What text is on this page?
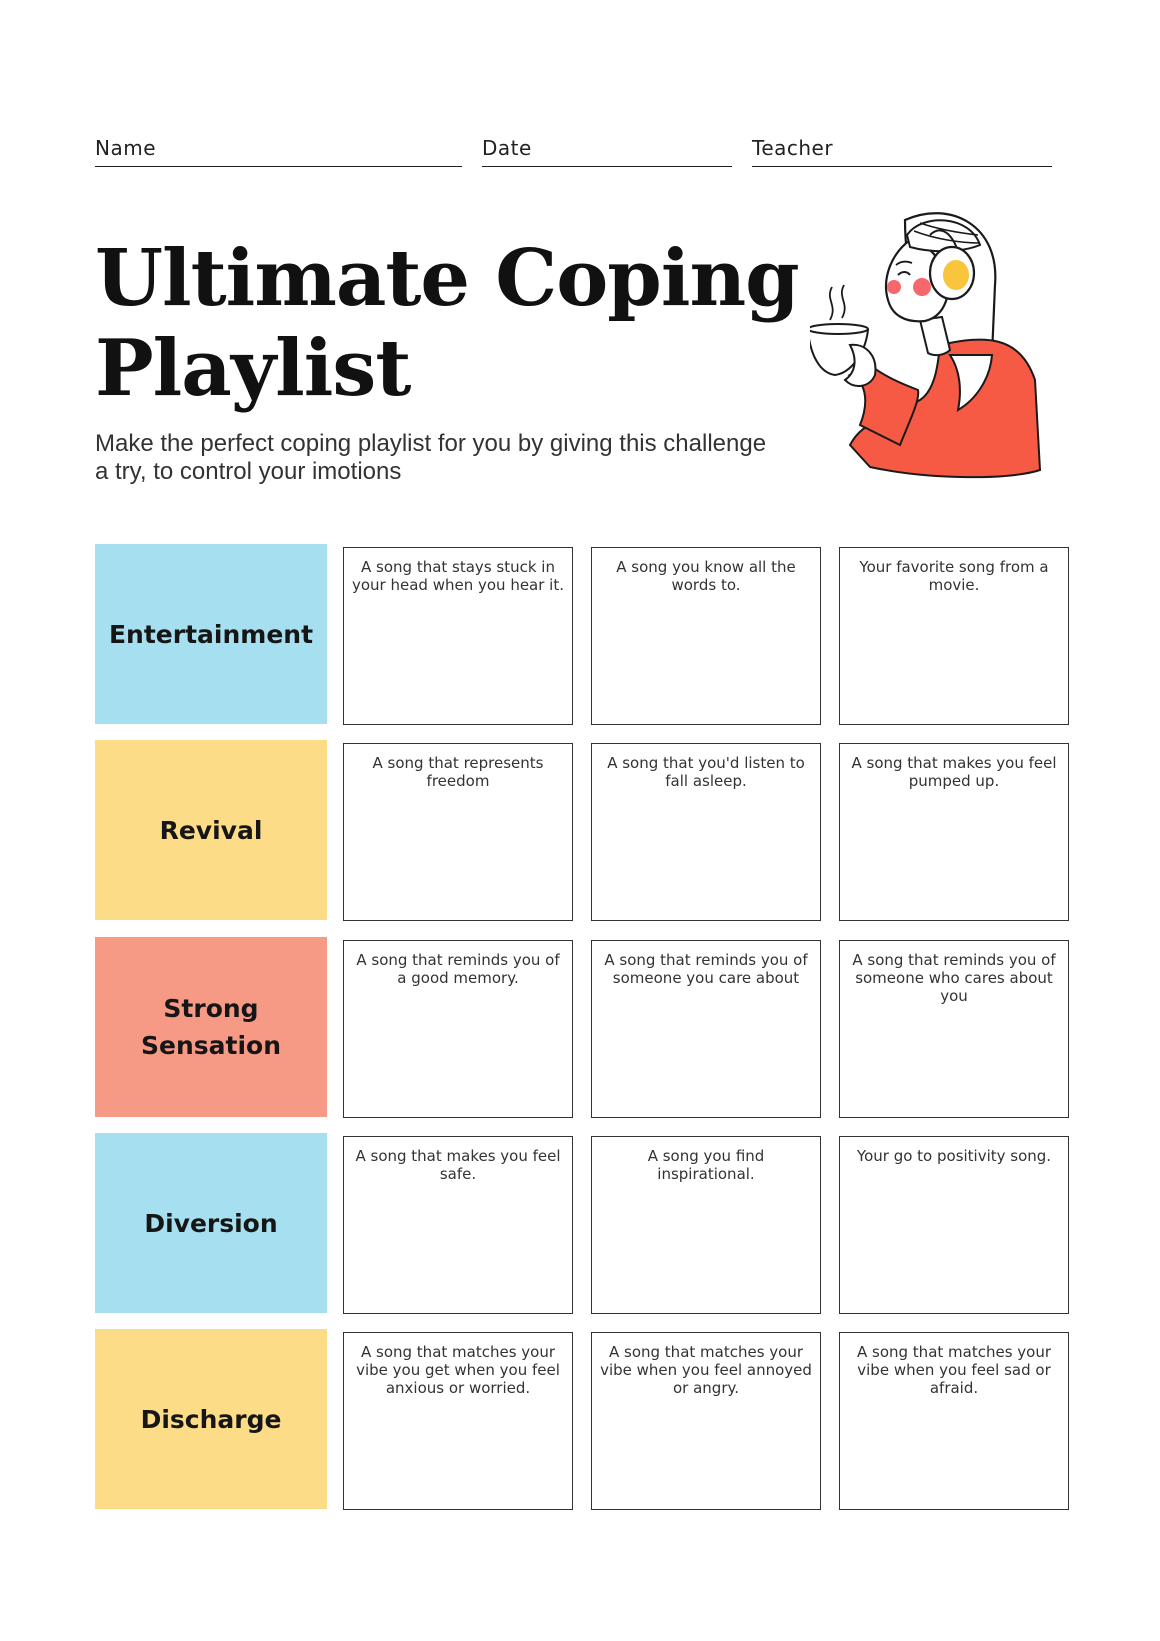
Name	Date	Teacher
Ultimate Coping Playlist

Make the perfect coping playlist for you by giving this challenge a try, to control your imotions

Entertainment
A song that stays stuck in your head when you hear it.
A song you know all the words to.
Your favorite song from a movie.
Revival
A song that represents freedom
A song that you'd listen to fall asleep.
A song that makes you feel pumped up.
Strong Sensation
A song that reminds you of a good memory.
A song that reminds you of someone you care about
A song that reminds you of someone who cares about you
Diversion
A song that makes you feel safe.
A song you find inspirational.
Your go to positivity song.
Discharge
A song that matches your vibe you get when you feel anxious or worried.
A song that matches your vibe when you feel annoyed or angry.
A song that matches your vibe when you feel sad or afraid.
